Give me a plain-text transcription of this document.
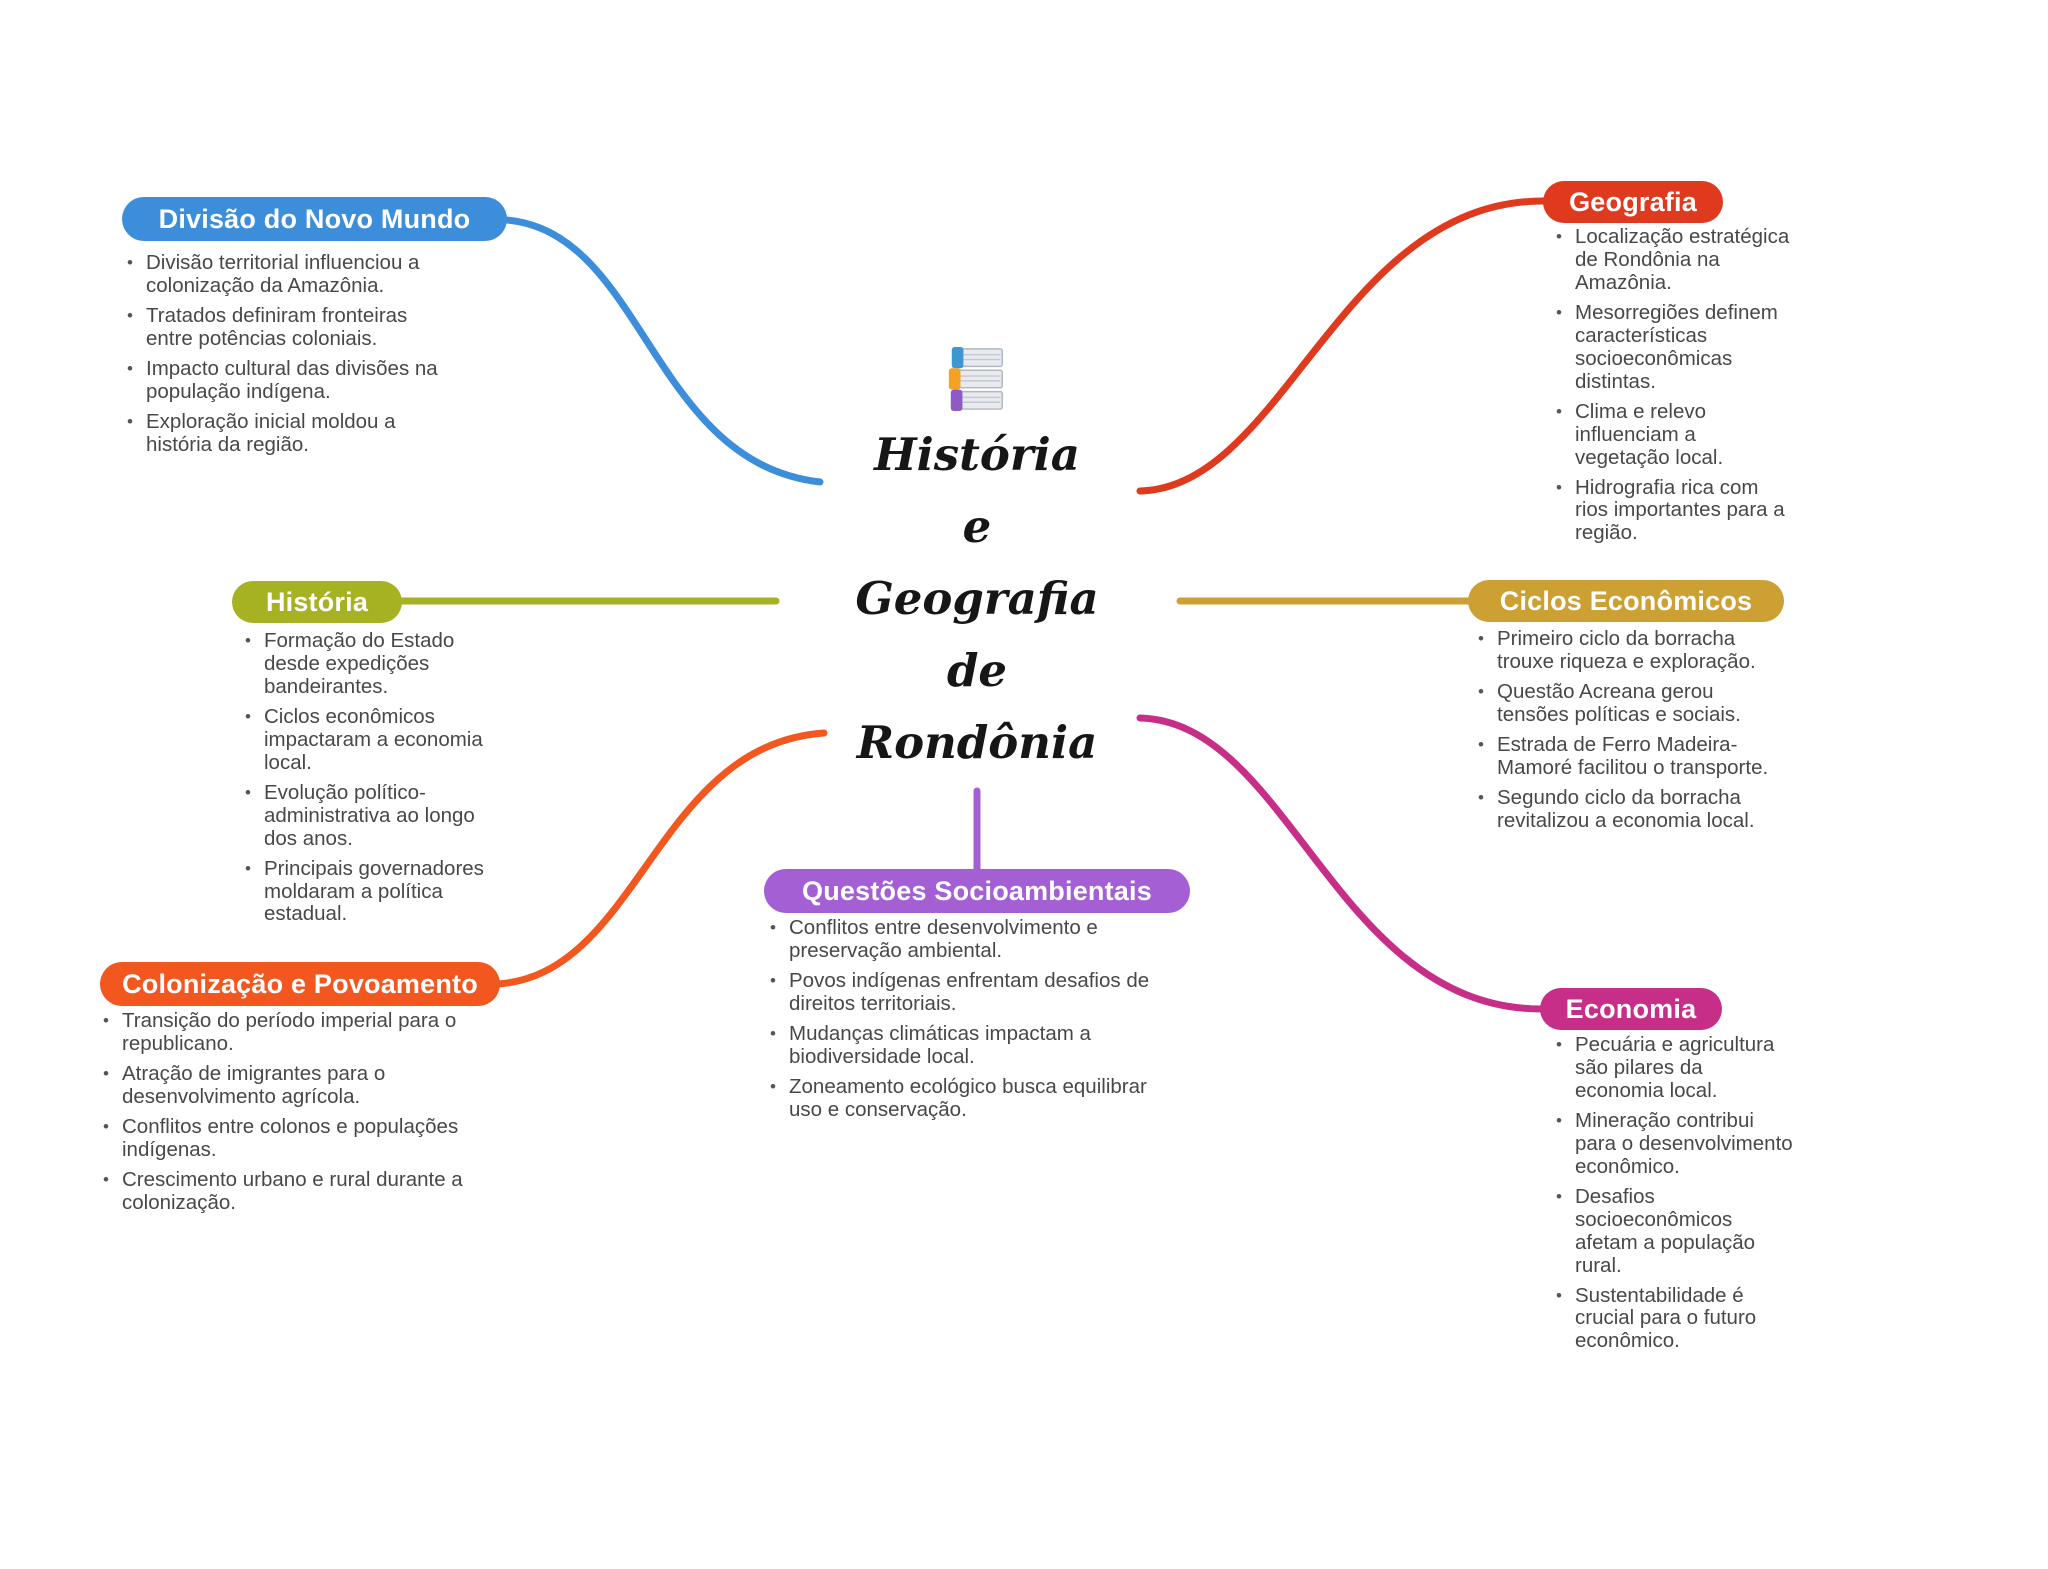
História
e
Geografia
de
Rondônia
Divisão do Novo Mundo
• Divisão territorial influenciou a colonização da Amazônia.
• Tratados definiram fronteiras entre potências coloniais.
• Impacto cultural das divisões na população indígena.
• Exploração inicial moldou a história da região.
História
• Formação do Estado desde expedições bandeirantes.
• Ciclos econômicos impactaram a economia local.
• Evolução político-administrativa ao longo dos anos.
• Principais governadores moldaram a política estadual.
Colonização e Povoamento
• Transição do período imperial para o republicano.
• Atração de imigrantes para o desenvolvimento agrícola.
• Conflitos entre colonos e populações indígenas.
• Crescimento urbano e rural durante a colonização.
Geografia
• Localização estratégica de Rondônia na Amazônia.
• Mesorregiões definem características socioeconômicas distintas.
• Clima e relevo influenciam a vegetação local.
• Hidrografia rica com rios importantes para a região.
Ciclos Econômicos
• Primeiro ciclo da borracha trouxe riqueza e exploração.
• Questão Acreana gerou tensões políticas e sociais.
• Estrada de Ferro Madeira-Mamoré facilitou o transporte.
• Segundo ciclo da borracha revitalizou a economia local.
Economia
• Pecuária e agricultura são pilares da economia local.
• Mineração contribui para o desenvolvimento econômico.
• Desafios socioeconômicos afetam a população rural.
• Sustentabilidade é crucial para o futuro econômico.
Questões Socioambientais
• Conflitos entre desenvolvimento e preservação ambiental.
• Povos indígenas enfrentam desafios de direitos territoriais.
• Mudanças climáticas impactam a biodiversidade local.
• Zoneamento ecológico busca equilibrar uso e conservação.
